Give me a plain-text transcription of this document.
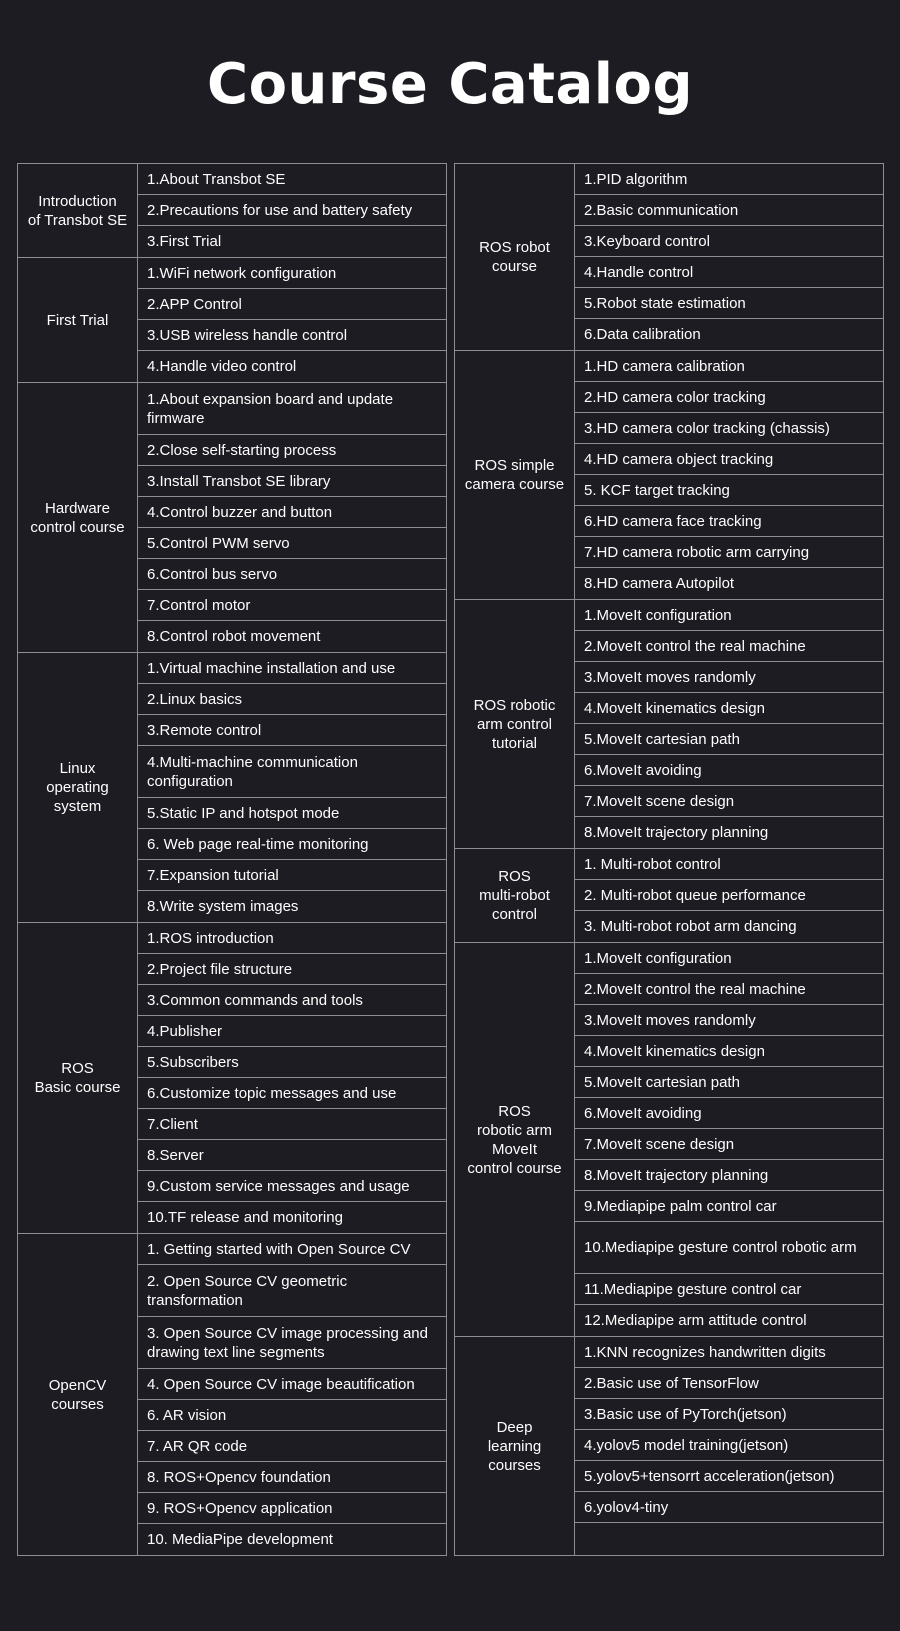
Course Catalog
Introduction
of Transbot SE
1.About Transbot SE
2.Precautions for use and battery safety
3.First Trial
First Trial
1.WiFi network configuration
2.APP Control
3.USB wireless handle control
4.Handle video control
Hardware
control course
1.About expansion board and update firmware
2.Close self-starting process
3.Install Transbot SE library
4.Control buzzer and button
5.Control PWM servo
6.Control bus servo
7.Control motor
8.Control robot movement
Linux
operating
system
1.Virtual machine installation and use
2.Linux basics
3.Remote control
4.Multi-machine communication configuration
5.Static IP and hotspot mode
6. Web page real-time monitoring
7.Expansion tutorial
8.Write system images
ROS
Basic course
1.ROS introduction
2.Project file structure
3.Common commands and tools
4.Publisher
5.Subscribers
6.Customize topic messages and use
7.Client
8.Server
9.Custom service messages and usage
10.TF release and monitoring
OpenCV
courses
1. Getting started with Open Source CV
2. Open Source CV geometric transformation
3. Open Source CV image processing and drawing text line segments
4. Open Source CV image beautification
6. AR vision
7. AR QR code
8. ROS+Opencv foundation
9. ROS+Opencv application
10. MediaPipe development
ROS robot
course
1.PID algorithm
2.Basic communication
3.Keyboard control
4.Handle control
5.Robot state estimation
6.Data calibration
ROS simple
camera course
1.HD camera calibration
2.HD camera color tracking
3.HD camera color tracking (chassis)
4.HD camera object tracking
5. KCF target tracking
6.HD camera face tracking
7.HD camera robotic arm carrying
8.HD camera Autopilot
ROS robotic
arm control
tutorial
1.MoveIt configuration
2.MoveIt control the real machine
3.MoveIt moves randomly
4.MoveIt kinematics design
5.MoveIt cartesian path
6.MoveIt avoiding
7.MoveIt scene design
8.MoveIt trajectory planning
ROS
multi-robot
control
1. Multi-robot control
2. Multi-robot queue performance
3. Multi-robot robot arm dancing
ROS
robotic arm
MoveIt
control course
1.MoveIt configuration
2.MoveIt control the real machine
3.MoveIt moves randomly
4.MoveIt kinematics design
5.MoveIt cartesian path
6.MoveIt avoiding
7.MoveIt scene design
8.MoveIt trajectory planning
9.Mediapipe palm control car
10.Mediapipe gesture control robotic arm
11.Mediapipe gesture control car
12.Mediapipe arm attitude control
Deep
learning
courses
1.KNN recognizes handwritten digits
2.Basic use of TensorFlow
3.Basic use of PyTorch(jetson)
4.yolov5 model training(jetson)
5.yolov5+tensorrt acceleration(jetson)
6.yolov4-tiny
